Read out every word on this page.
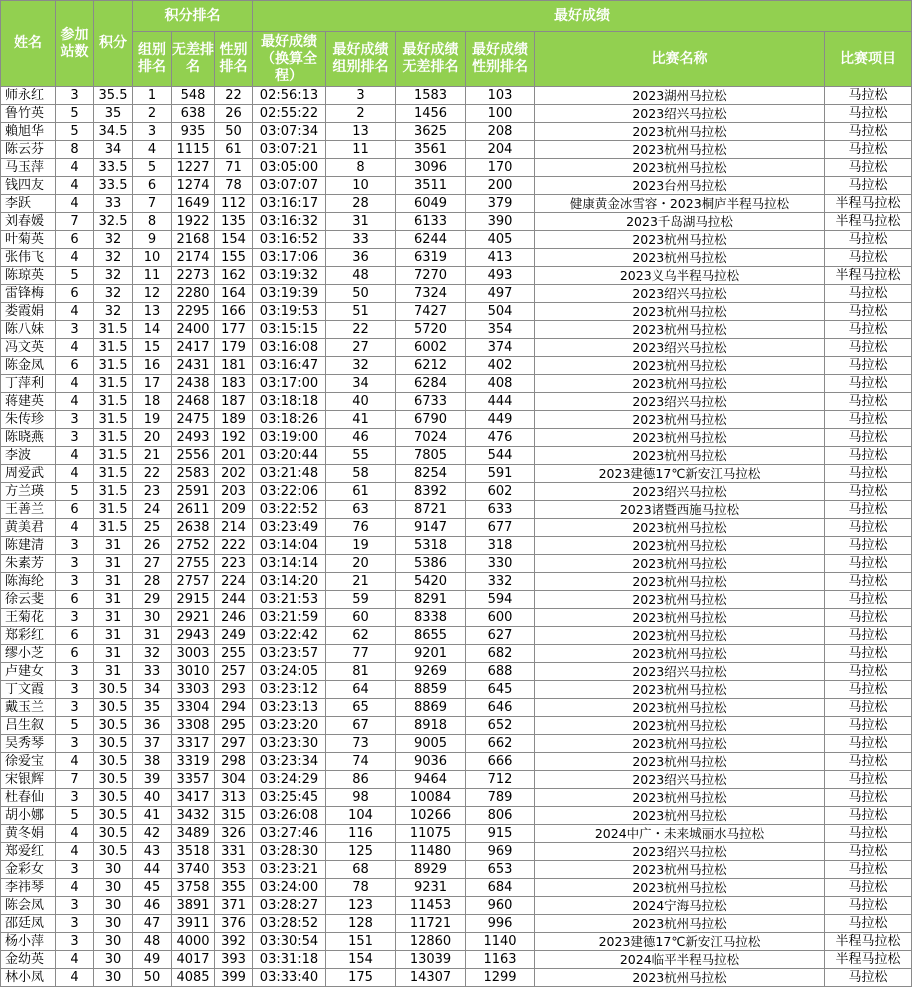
姓名	参加站数	积分	积分排名			最好成绩					
			组别排名	无差排名	性别排名	最好成绩（换算全程）	最好成绩组别排名	最好成绩无差排名	最好成绩性别排名	比赛名称	比赛项目
师永红	3	35.5	1	548	22	02:56:13	3	1583	103	2023湖州马拉松	马拉松
鲁竹英	5	35	2	638	26	02:55:22	2	1456	100	2023绍兴马拉松	马拉松
賴旭华	5	34.5	3	935	50	03:07:34	13	3625	208	2023杭州马拉松	马拉松
陈云芬	8	34	4	1115	61	03:07:21	11	3561	204	2023杭州马拉松	马拉松
马玉萍	4	33.5	5	1227	71	03:05:00	8	3096	170	2023杭州马拉松	马拉松
钱四友	4	33.5	6	1274	78	03:07:07	10	3511	200	2023台州马拉松	马拉松
李跃	4	33	7	1649	112	03:16:17	28	6049	379	健康黄金冰雪容・2023桐庐半程马拉松	半程马拉松
刘春媛	7	32.5	8	1922	135	03:16:32	31	6133	390	2023千岛湖马拉松	半程马拉松
叶菊英	6	32	9	2168	154	03:16:52	33	6244	405	2023杭州马拉松	马拉松
张伟飞	4	32	10	2174	155	03:17:06	36	6319	413	2023杭州马拉松	马拉松
陈琼英	5	32	11	2273	162	03:19:32	48	7270	493	2023义乌半程马拉松	半程马拉松
雷锋梅	6	32	12	2280	164	03:19:39	50	7324	497	2023绍兴马拉松	马拉松
娄霞娟	4	32	13	2295	166	03:19:53	51	7427	504	2023杭州马拉松	马拉松
陈八妹	3	31.5	14	2400	177	03:15:15	22	5720	354	2023杭州马拉松	马拉松
冯文英	4	31.5	15	2417	179	03:16:08	27	6002	374	2023绍兴马拉松	马拉松
陈金凤	6	31.5	16	2431	181	03:16:47	32	6212	402	2023杭州马拉松	马拉松
丁萍利	4	31.5	17	2438	183	03:17:00	34	6284	408	2023杭州马拉松	马拉松
蒋建英	4	31.5	18	2468	187	03:18:18	40	6733	444	2023绍兴马拉松	马拉松
朱传珍	3	31.5	19	2475	189	03:18:26	41	6790	449	2023杭州马拉松	马拉松
陈晓燕	3	31.5	20	2493	192	03:19:00	46	7024	476	2023杭州马拉松	马拉松
李波	4	31.5	21	2556	201	03:20:44	55	7805	544	2023杭州马拉松	马拉松
周爱武	4	31.5	22	2583	202	03:21:48	58	8254	591	2023建德17℃新安江马拉松	马拉松
方兰瑛	5	31.5	23	2591	203	03:22:06	61	8392	602	2023绍兴马拉松	马拉松
王善兰	6	31.5	24	2611	209	03:22:52	63	8721	633	2023诸暨西施马拉松	马拉松
黄美君	4	31.5	25	2638	214	03:23:49	76	9147	677	2023杭州马拉松	马拉松
陈建清	3	31	26	2752	222	03:14:04	19	5318	318	2023杭州马拉松	马拉松
朱素芳	3	31	27	2755	223	03:14:14	20	5386	330	2023杭州马拉松	马拉松
陈海纶	3	31	28	2757	224	03:14:20	21	5420	332	2023杭州马拉松	马拉松
徐云斐	6	31	29	2915	244	03:21:53	59	8291	594	2023杭州马拉松	马拉松
王菊花	3	31	30	2921	246	03:21:59	60	8338	600	2023杭州马拉松	马拉松
郑彩红	6	31	31	2943	249	03:22:42	62	8655	627	2023杭州马拉松	马拉松
缪小芝	6	31	32	3003	255	03:23:57	77	9201	682	2023杭州马拉松	马拉松
卢建女	3	31	33	3010	257	03:24:05	81	9269	688	2023绍兴马拉松	马拉松
丁文霞	3	30.5	34	3303	293	03:23:12	64	8859	645	2023杭州马拉松	马拉松
戴玉兰	3	30.5	35	3304	294	03:23:13	65	8869	646	2023杭州马拉松	马拉松
吕生叙	5	30.5	36	3308	295	03:23:20	67	8918	652	2023杭州马拉松	马拉松
吴秀琴	3	30.5	37	3317	297	03:23:30	73	9005	662	2023杭州马拉松	马拉松
徐爱宝	4	30.5	38	3319	298	03:23:34	74	9036	666	2023杭州马拉松	马拉松
宋银辉	7	30.5	39	3357	304	03:24:29	86	9464	712	2023绍兴马拉松	马拉松
杜春仙	3	30.5	40	3417	313	03:25:45	98	10084	789	2023杭州马拉松	马拉松
胡小娜	5	30.5	41	3432	315	03:26:08	104	10266	806	2023杭州马拉松	马拉松
黄冬娟	4	30.5	42	3489	326	03:27:46	116	11075	915	2024中广・未来城丽水马拉松	马拉松
郑爱红	4	30.5	43	3518	331	03:28:30	125	11480	969	2023绍兴马拉松	马拉松
金彩女	3	30	44	3740	353	03:23:21	68	8929	653	2023杭州马拉松	马拉松
李祎琴	4	30	45	3758	355	03:24:00	78	9231	684	2023杭州马拉松	马拉松
陈会凤	3	30	46	3891	371	03:28:27	123	11453	960	2024宁海马拉松	马拉松
邵廷凤	3	30	47	3911	376	03:28:52	128	11721	996	2023杭州马拉松	马拉松
杨小萍	3	30	48	4000	392	03:30:54	151	12860	1140	2023建德17℃新安江马拉松	半程马拉松
金幼英	4	30	49	4017	393	03:31:18	154	13039	1163	2024临平半程马拉松	半程马拉松
林小凤	4	30	50	4085	399	03:33:40	175	14307	1299	2023杭州马拉松	马拉松
